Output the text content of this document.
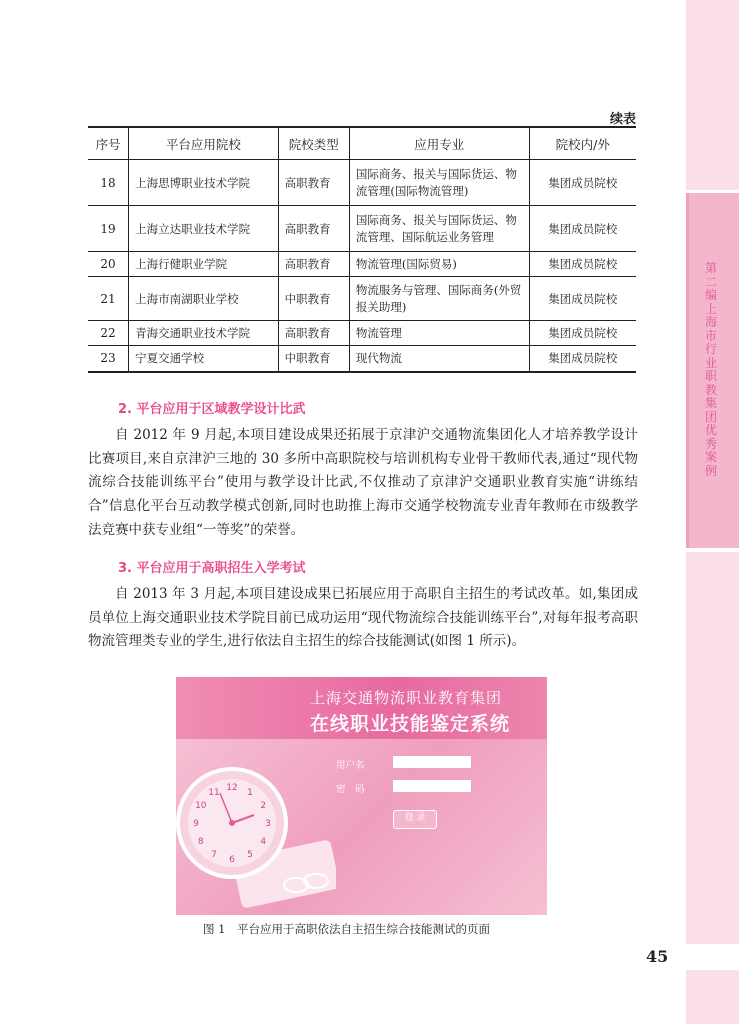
第二编 上海市行业职教集团优秀案例
续表
序号	平台应用院校	院校类型	应用专业	院校内/外
18	上海思博职业技术学院	高职教育	国际商务、报关与国际货运、物流管理(国际物流管理)	集团成员院校
19	上海立达职业技术学院	高职教育	国际商务、报关与国际货运、物流管理、国际航运业务管理	集团成员院校
20	上海行健职业学院	高职教育	物流管理(国际贸易)	集团成员院校
21	上海市南湖职业学校	中职教育	物流服务与管理、国际商务(外贸报关助理)	集团成员院校
22	青海交通职业技术学院	高职教育	物流管理	集团成员院校
23	宁夏交通学校	中职教育	现代物流	集团成员院校
2. 平台应用于区域教学设计比武
自 2012 年 9 月起,本项目建设成果还拓展于京津沪交通物流集团化人才培养教学设计比赛项目,来自京津沪三地的 30 多所中高职院校与培训机构专业骨干教师代表,通过“现代物流综合技能训练平台”使用与教学设计比武,不仅推动了京津沪交通职业教育实施“讲练结合”信息化平台互动教学模式创新,同时也助推上海市交通学校物流专业青年教师在市级教学法竞赛中获专业组“一等奖”的荣誉。
3. 平台应用于高职招生入学考试
自 2013 年 3 月起,本项目建设成果已拓展应用于高职自主招生的考试改革。如,集团成员单位上海交通职业技术学院目前已成功运用“现代物流综合技能训练平台”,对每年报考高职物流管理类专业的学生,进行依法自主招生的综合技能测试(如图 1 所示)。
上海交通物流职业教育集团
在线职业技能鉴定系统
用户名
密　码
登 录
12 1
2
3
4
5
6
7
8
9
10
11
图 1　平台应用于高职依法自主招生综合技能测试的页面
45
